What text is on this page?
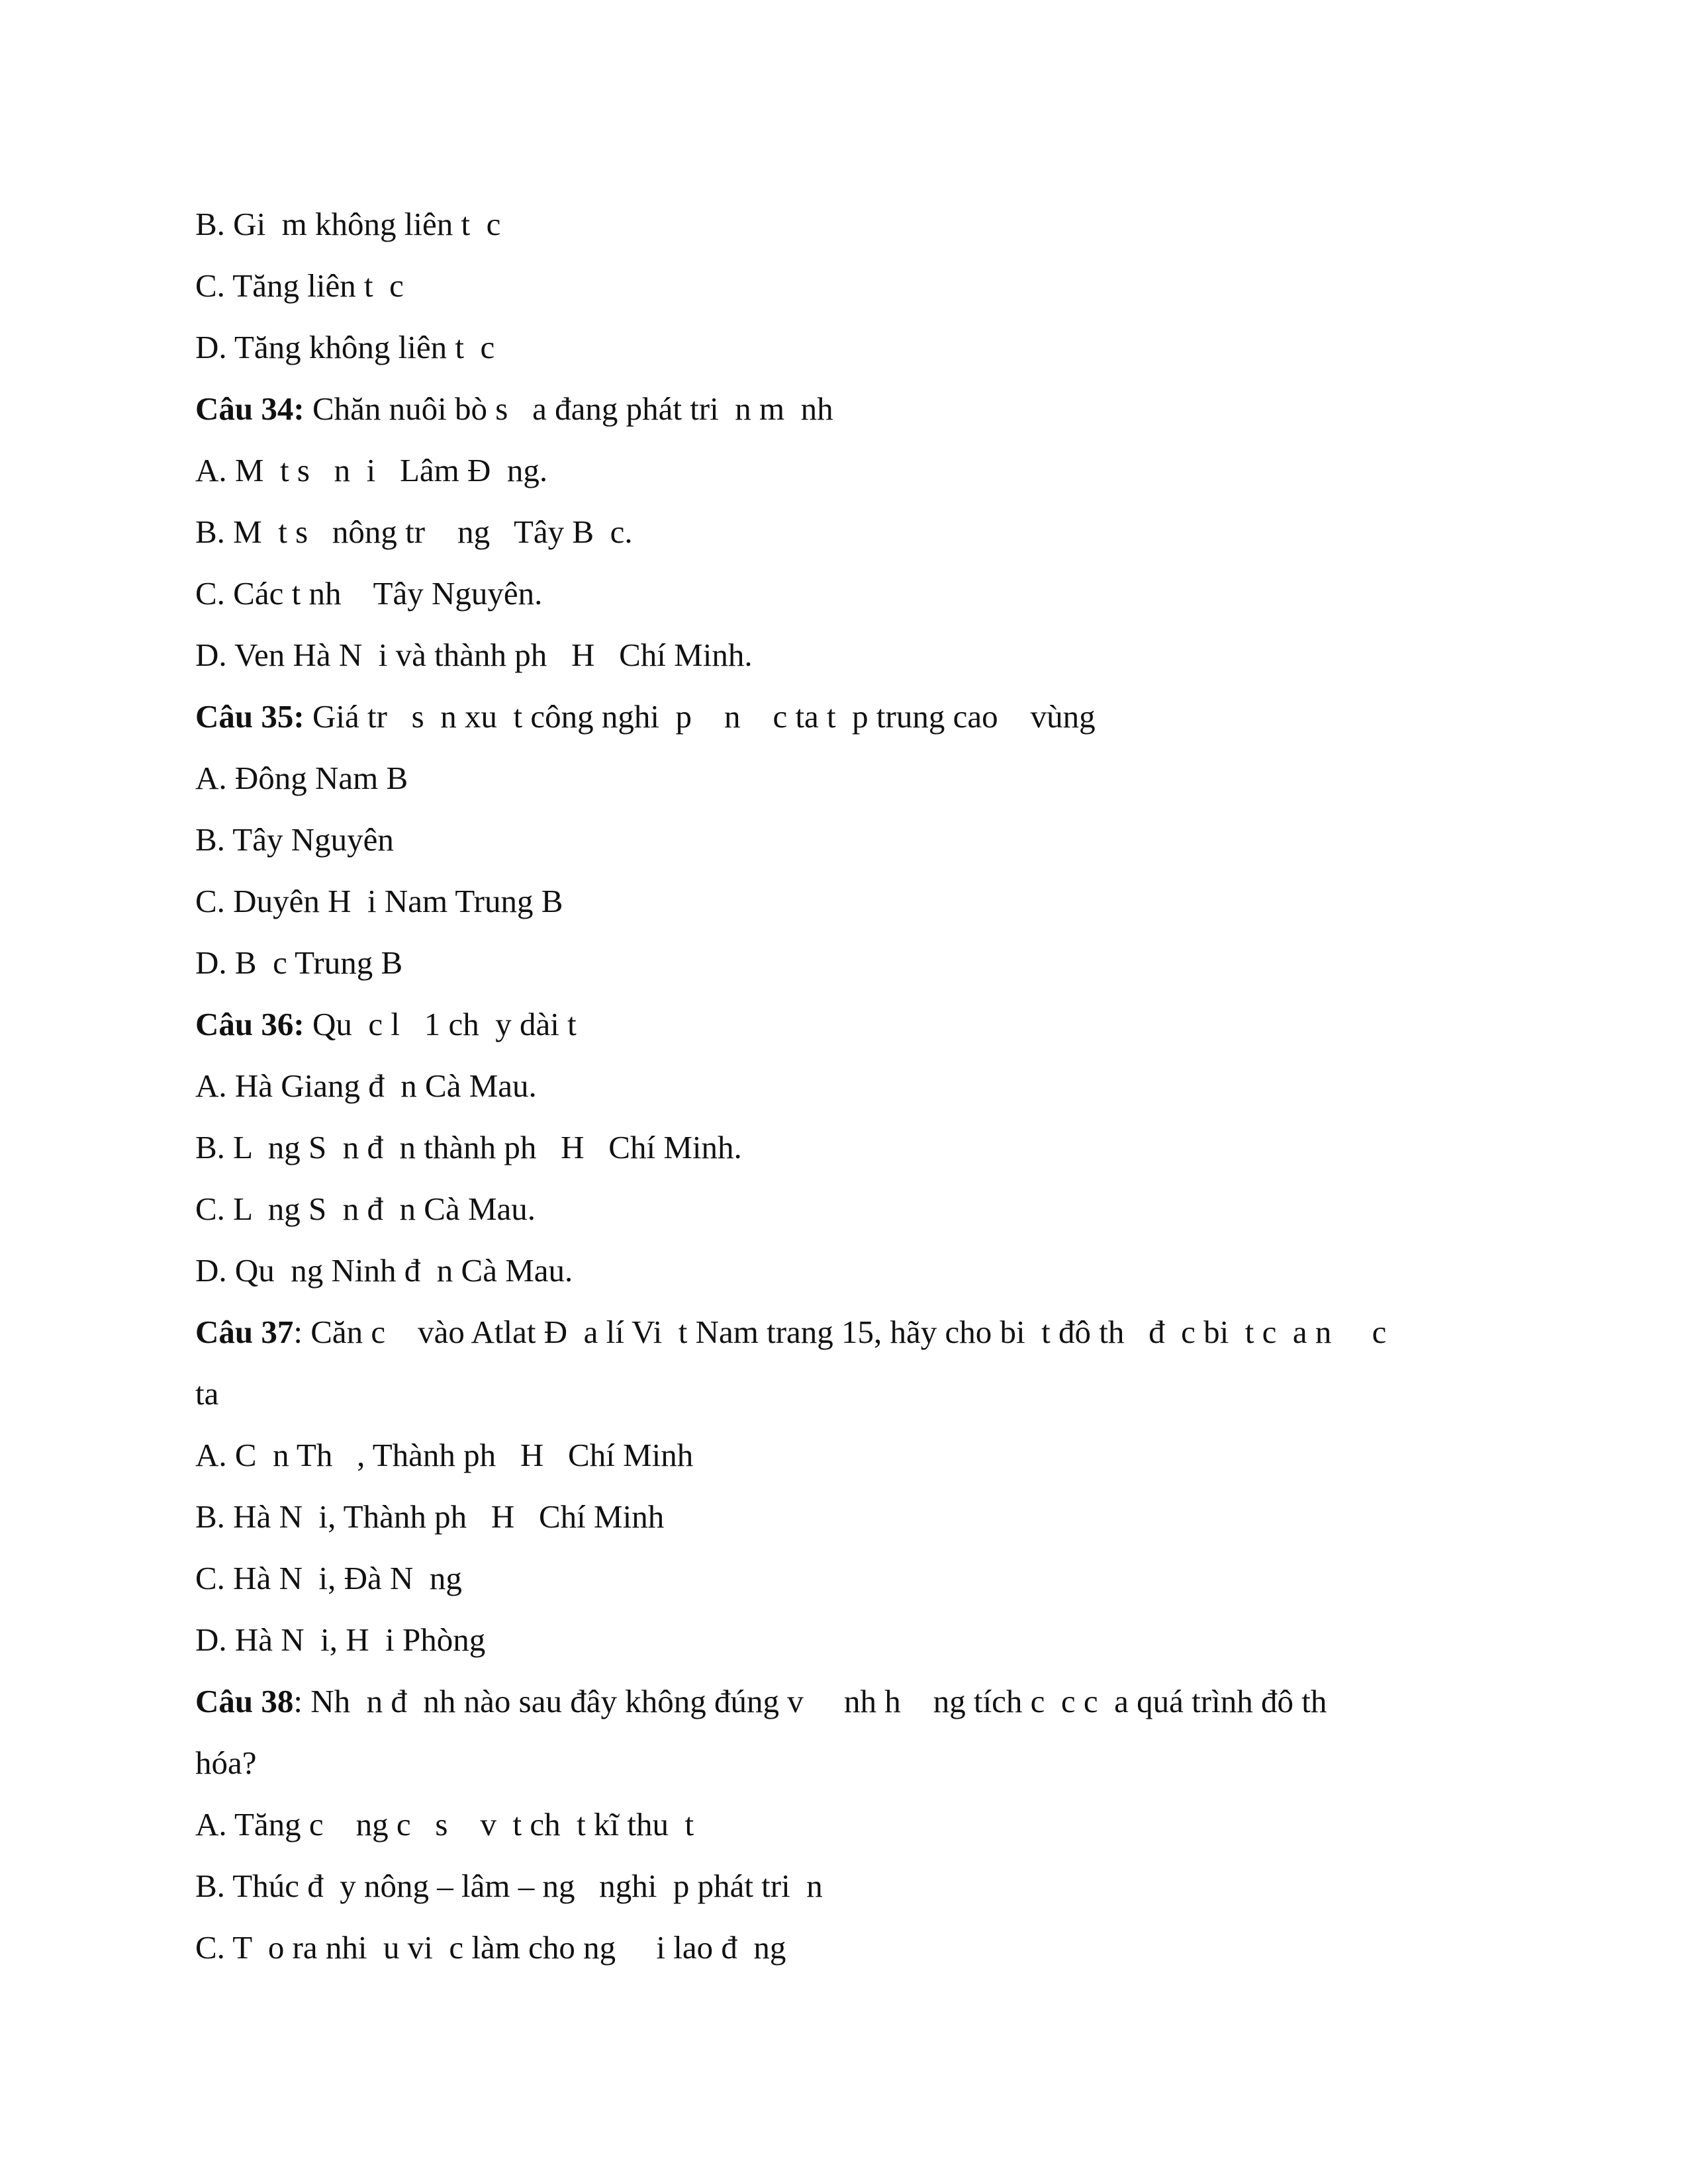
B. Gi  m không liên t  c
C. Tăng liên t  c
D. Tăng không liên t  c
Câu 34: Chăn nuôi bò s   a đang phát tri  n m  nh
A. M  t s   n  i   Lâm Đ  ng.
B. M  t s   nông tr    ng   Tây B  c.
C. Các t nh    Tây Nguyên.
D. Ven Hà N  i và thành ph   H   Chí Minh.
Câu 35: Giá tr   s  n xu  t công nghi  p    n    c ta t  p trung cao    vùng
A. Đông Nam B
B. Tây Nguyên
C. Duyên H  i Nam Trung B
D. B  c Trung B
Câu 36: Qu  c l   1 ch  y dài t
A. Hà Giang đ  n Cà Mau.
B. L  ng S  n đ  n thành ph   H   Chí Minh.
C. L  ng S  n đ  n Cà Mau.
D. Qu  ng Ninh đ  n Cà Mau.
Câu 37: Căn c    vào Atlat Đ  a lí Vi  t Nam trang 15, hãy cho bi  t đô th   đ  c bi  t c  a n     c
ta
A. C  n Th   , Thành ph   H   Chí Minh
B. Hà N  i, Thành ph   H   Chí Minh
C. Hà N  i, Đà N  ng
D. Hà N  i, H  i Phòng
Câu 38: Nh  n đ  nh nào sau đây không đúng v     nh h    ng tích c  c c  a quá trình đô th
hóa?
A. Tăng c    ng c   s    v  t ch  t kĩ thu  t
B. Thúc đ  y nông – lâm – ng   nghi  p phát tri  n
C. T  o ra nhi  u vi  c làm cho ng     i lao đ  ng
